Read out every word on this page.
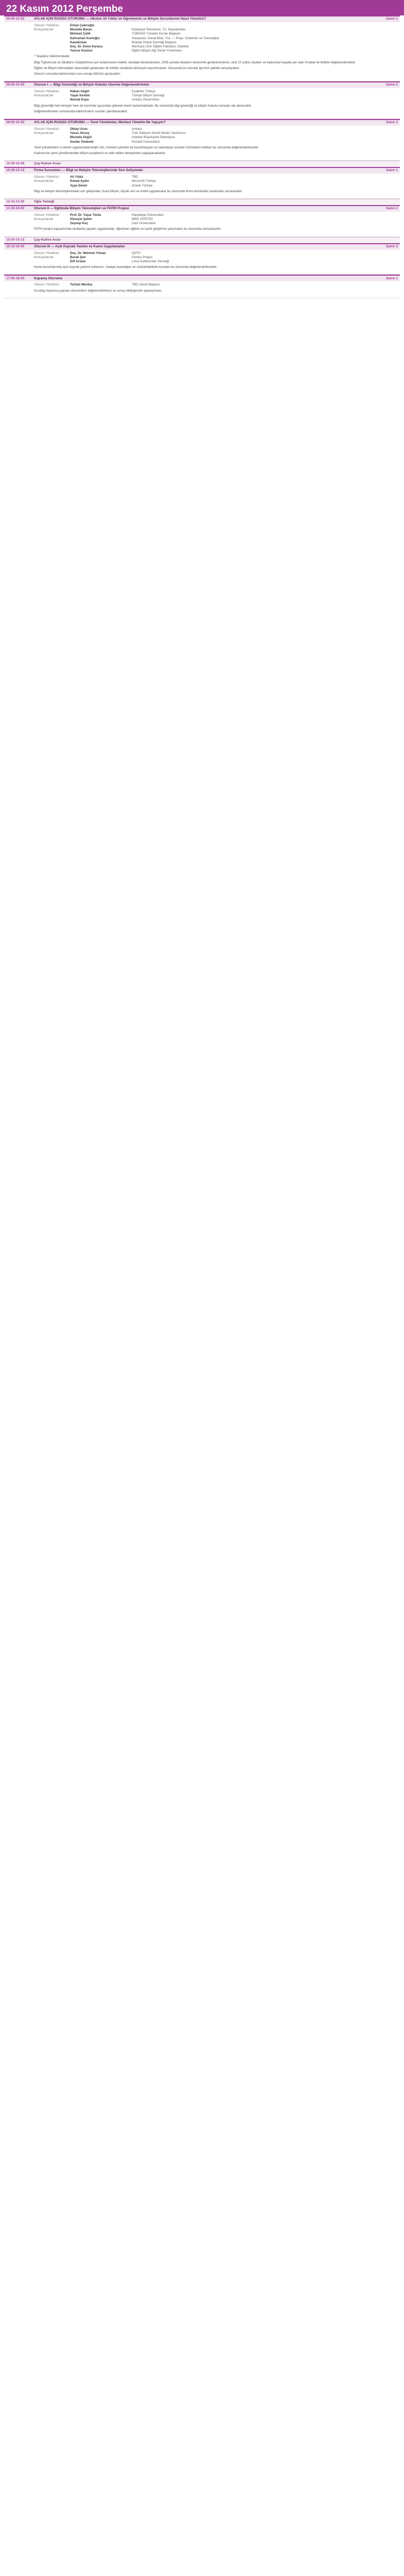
22 Kasım 2012 Perşembe
09:00-10:30	AYLAK İÇİN RUSSİA OTURUMU — Okulun 10 Yıldızı ve Öğretmenin ve Bilişim Sorunlarının Nasıl Yönetiriz?	Salon 1
Oturum Yöneticisi	Erkan Çakıroğlu
Konuşmacılar	Mustafa Baran	Kütahyad Teknokent, TC, Başkanlıklar
Mehmet Çelik	TÜBİSAD Yönetim Kurulu Başkanı
Kahraman Kurtoğlu	Hastanesi: Genel Müd. Yrd. — Proje, Sistemler ve Teknolojiler
Kazakistan	Birleşik Hukuk Derneği Başkanı
Doç. Dr. Emre Karaca	Marmara Üniv. Eğitim Fakültesi, İstanbul
Tuncer Kesinci	Eğitim Bilişim Ağı Genel Yönetmeni

* Teşekkür bildirimindedir.

Bilgi Toplumuna ve Okulların Geliştirilmesi için kullanmanın hedefi, okuldaki düzenlemeler, 2005 yılında okulların ekonomik gereksinimlerini, okul 10 yıldızı okulları ve toplumsal hayatta yer alan fırsatlar ile birlikte değerlendirmektir.

Eğitim ve Bilişim teknolojileri alanındaki gelişmeler ile birlikte okullarda dönüşüm kaçınılmazdır. Oturumda bu konular ayrıntılı şekilde tartışılacaktır.

Oturum sonunda katılımcılara soru-cevap bölümü ayrılacaktır.

09:00-10:30	Oturum I — Bilgi Güvenliği ve Bilişim Hukuku Üzerine Değerlendirmeler	Salon 2
Oturum Yöneticisi	Hakan Akgül	Eyaletler Türkiye
Konuşmacılar	Yaşar Keskin	Türkiye Bilişim Derneği
Nevzat Kaya	Ankara Üniversitesi

Bilgi güvenliği hem bireyler hem de kurumlar açısından giderek önem kazanmaktadır. Bu oturumda bilgi güvenliği ve bilişim hukuku konuları ele alınacaktır.

Değerlendirmeler sonrasında katılımcıların soruları yanıtlanacaktır.

09:00-10:30	AYLAK İÇİN RUSSİA OTURUMU — Yerel Yönetimler, Merkezi Yönetim Ne Yapıyor?	Salon 3
Oturum Yöneticisi	Oktay Uzun	Ankara
Konuşmacılar	Yavuz Aksoy	Türk Telekom Genel Müdür Yardımcısı
Mustafa Akgül	İstanbul Büyükşehir Belediyesi
Serdar Özdemir	Kocaeli Üniversitesi

Yerel yönetimlerin e-devlet uygulamalarındaki rolü, merkezi yönetim ile koordinasyon ve vatandaşa sunulan hizmetlerin kalitesi bu oturumda değerlendirilecektir.

Katılımcılar yerel yönetimlerdeki bilişim projelerini ve elde edilen deneyimleri paylaşacaklardır.

10:30-10:45	Çay-Kahve Arası
10:45-12:15	Firma Sunumları — Bilgi ve İletişim Teknolojilerinde Son Gelişmeler	Salon 1
Oturum Yöneticisi	Ali Yıldız	TBD
Konuşmacılar	Kemal Aydın	Microsoft Türkiye
Ayşe Demir	Oracle Türkiye

Bilgi ve iletişim teknolojilerindeki son gelişmeler, bulut bilişim, büyük veri ve mobil uygulamalar bu oturumda firma temsilcileri tarafından sunulacaktır.

12:15-13:30	Öğle Yemeği
13:30-15:00	Oturum II — Eğitimde Bilişim Teknolojileri ve FATİH Projesi	Salon 2
Oturum Yöneticisi	Prof. Dr. Yaşar Tonta	Hacettepe Üniversitesi
Konuşmacılar	Hüseyin Şahin	MEB YEĞİTEK
Zeynep Koç	Gazi Üniversitesi

FATİH projesi kapsamında okullarda yapılan uygulamalar, öğretmen eğitimi ve içerik geliştirme çalışmaları bu oturumda tartışılacaktır.

15:00-15:15	Çay-Kahve Arası
15:15-16:45	Oturum III — Açık Kaynak Yazılım ve Kamu Uygulamaları	Salon 3
Oturum Yöneticisi	Doç. Dr. Mehmet Yılmaz	ODTÜ
Konuşmacılar	Burak Şen	Pardus Projesi
Elif Arslan	Linux Kullanıcıları Derneği

Kamu kurumlarında açık kaynak yazılım kullanımı, maliyet avantajları ve sürdürülebilirlik konuları bu oturumda değerlendirilecektir.

17:00-18:30	Kapanış Oturumu	Salon 1
Oturum Yöneticisi	Turhan Menteş	TBD Genel Başkanı

Kurultay boyunca yapılan oturumların değerlendirilmesi ve sonuç bildirgesinin paylaşılması.
